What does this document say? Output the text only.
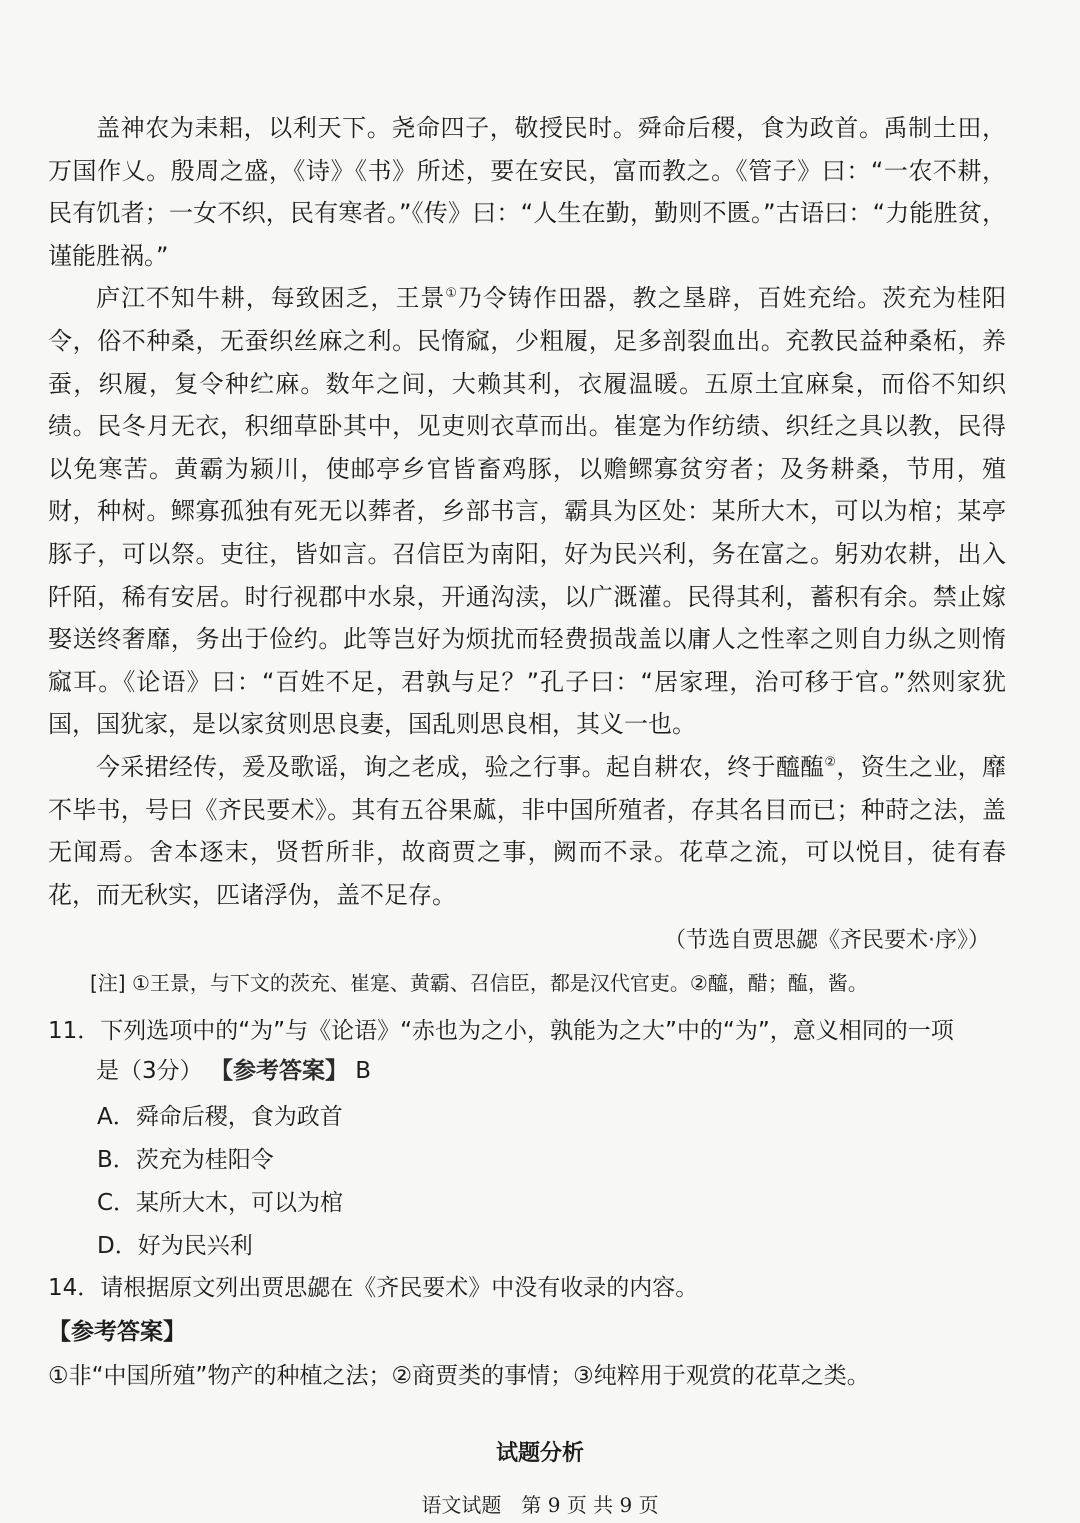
盖神农为耒耜，以利天下。尧命四子，敬授民时。舜命后稷，食为政首。禹制土田，万国作乂。殷周之盛，《诗》《书》所述，要在安民，富而教之。《管子》曰：“一农不耕，民有饥者；一女不织，民有寒者。”《传》曰：“人生在勤，勤则不匮。”古语曰：“力能胜贫，谨能胜祸。”

庐江不知牛耕，每致困乏，王景①乃令铸作田器，教之垦辟，百姓充给。茨充为桂阳令，俗不种桑，无蚕织丝麻之利。民惰窳，少粗履，足多剖裂血出。充教民益种桑柘，养蚕，织履，复令种纻麻。数年之间，大赖其利，衣履温暖。五原土宜麻枲，而俗不知织绩。民冬月无衣，积细草卧其中，见吏则衣草而出。崔寔为作纺绩、织纴之具以教，民得以免寒苦。黄霸为颍川，使邮亭乡官皆畜鸡豚，以赡鳏寡贫穷者；及务耕桑，节用，殖财，种树。鳏寡孤独有死无以葬者，乡部书言，霸具为区处：某所大木，可以为棺；某亭豚子，可以祭。吏往，皆如言。召信臣为南阳，好为民兴利，务在富之。躬劝农耕，出入阡陌，稀有安居。时行视郡中水泉，开通沟渎，以广溉灌。民得其利，蓄积有余。禁止嫁娶送终奢靡，务出于俭约。此等岂好为烦扰而轻费损哉盖以庸人之性率之则自力纵之则惰窳耳。《论语》曰：“百姓不足，君孰与足？”孔子曰：“居家理，治可移于官。”然则家犹国，国犹家，是以家贫则思良妻，国乱则思良相，其义一也。

今采捃经传，爰及歌谣，询之老成，验之行事。起自耕农，终于醯醢②，资生之业，靡不毕书，号曰《齐民要术》。其有五谷果蓏，非中国所殖者，存其名目而已；种莳之法，盖无闻焉。舍本逐末，贤哲所非，故商贾之事，阙而不录。花草之流，可以悦目，徒有春花，而无秋实，匹诸浮伪，盖不足存。

（节选自贾思勰《齐民要术·序》）
[注] ①王景，与下文的茨充、崔寔、黄霸、召信臣，都是汉代官吏。②醯，醋；醢，酱。
11．下列选项中的“为”与《论语》“赤也为之小，孰能为之大”中的“为”，意义相同的一项
是（3分） 【参考答案】 B
A．舜命后稷，食为政首
B．茨充为桂阳令
C．某所大木，可以为棺
D．好为民兴利
14．请根据原文列出贾思勰在《齐民要术》中没有收录的内容。
【参考答案】
①非“中国所殖”物产的种植之法；②商贾类的事情；③纯粹用于观赏的花草之类。
试题分析
语文试题　第 9 页 共 9 页
